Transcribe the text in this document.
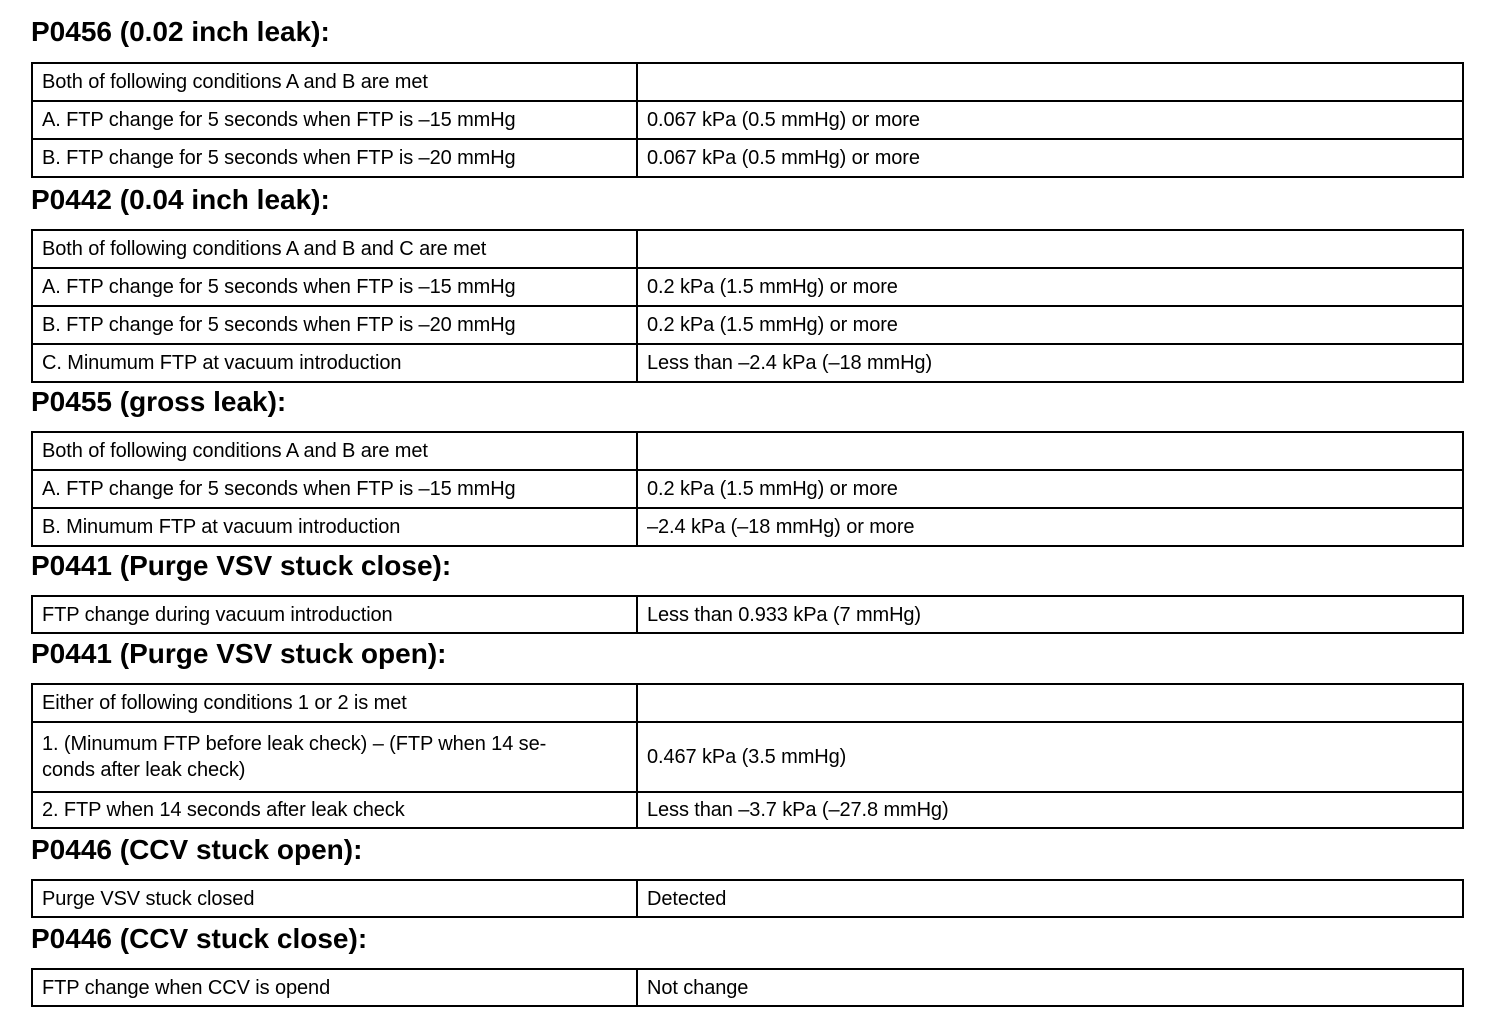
P0456 (0.02 inch leak):
Both of following conditions A and B are met	
A. FTP change for 5 seconds when FTP is –15 mmHg	0.067 kPa (0.5 mmHg) or more
B. FTP change for 5 seconds when FTP is –20 mmHg	0.067 kPa (0.5 mmHg) or more
P0442 (0.04 inch leak):
Both of following conditions A and B and C are met	
A. FTP change for 5 seconds when FTP is –15 mmHg	0.2 kPa (1.5 mmHg) or more
B. FTP change for 5 seconds when FTP is –20 mmHg	0.2 kPa (1.5 mmHg) or more
C. Minumum FTP at vacuum introduction	Less than –2.4 kPa (–18 mmHg)
P0455 (gross leak):
Both of following conditions A and B are met	
A. FTP change for 5 seconds when FTP is –15 mmHg	0.2 kPa (1.5 mmHg) or more
B. Minumum FTP at vacuum introduction	–2.4 kPa (–18 mmHg) or more
P0441 (Purge VSV stuck close):
FTP change during vacuum introduction	Less than 0.933 kPa (7 mmHg)
P0441 (Purge VSV stuck open):
Either of following conditions 1 or 2 is met	
1. (Minumum FTP before leak check) – (FTP when 14 se-
conds after leak check)	0.467 kPa (3.5 mmHg)
2. FTP when 14 seconds after leak check	Less than –3.7 kPa (–27.8 mmHg)
P0446 (CCV stuck open):
Purge VSV stuck closed	Detected
P0446 (CCV stuck close):
FTP change when CCV is opend	Not change
